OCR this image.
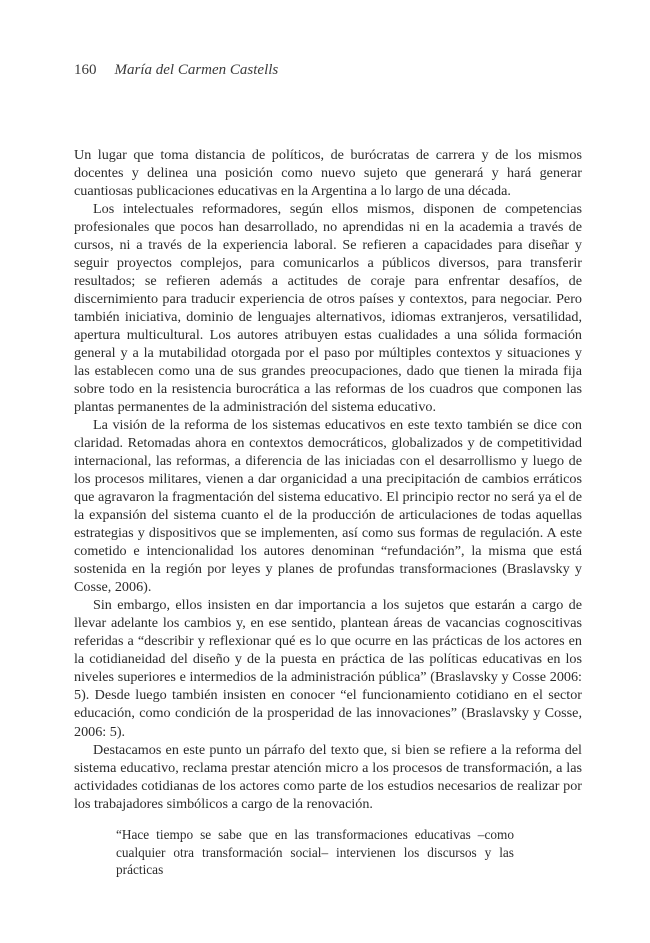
160 María del Carmen Castells

Un lugar que toma distancia de políticos, de burócratas de carrera y de los mismos docentes y delinea una posición como nuevo sujeto que generará y hará generar cuantiosas publicaciones educativas en la Argentina a lo largo de una década.

Los intelectuales reformadores, según ellos mismos, disponen de competencias profesionales que pocos han desarrollado, no aprendidas ni en la academia a través de cursos, ni a través de la experiencia laboral. Se refieren a capacidades para diseñar y seguir proyectos complejos, para comunicarlos a públicos diversos, para transferir resultados; se refieren además a actitudes de coraje para enfrentar desafíos, de discernimiento para traducir experiencia de otros países y contextos, para negociar. Pero también iniciativa, dominio de lenguajes alternativos, idiomas extranjeros, versatilidad, apertura multicultural. Los autores atribuyen estas cualidades a una sólida formación general y a la mutabilidad otorgada por el paso por múltiples contextos y situaciones y las establecen como una de sus grandes preocupaciones, dado que tienen la mirada fija sobre todo en la resistencia burocrática a las reformas de los cuadros que componen las plantas permanentes de la administración del sistema educativo.

La visión de la reforma de los sistemas educativos en este texto también se dice con claridad. Retomadas ahora en contextos democráticos, globalizados y de competitividad internacional, las reformas, a diferencia de las iniciadas con el desarrollismo y luego de los procesos militares, vienen a dar organicidad a una precipitación de cambios erráticos que agravaron la fragmentación del sistema educativo. El principio rector no será ya el de la expansión del sistema cuanto el de la producción de articulaciones de todas aquellas estrategias y dispositivos que se implementen, así como sus formas de regulación. A este cometido e intencionalidad los autores denominan “refundación”, la misma que está sostenida en la región por leyes y planes de profundas transformaciones (Braslavsky y Cosse, 2006).

Sin embargo, ellos insisten en dar importancia a los sujetos que estarán a cargo de llevar adelante los cambios y, en ese sentido, plantean áreas de vacancias cognoscitivas referidas a “describir y reflexionar qué es lo que ocurre en las prácticas de los actores en la cotidianeidad del diseño y de la puesta en práctica de las políticas educativas en los niveles superiores e intermedios de la administración pública” (Braslavsky y Cosse 2006: 5). Desde luego también insisten en conocer “el funcionamiento cotidiano en el sector educación, como condición de la prosperidad de las innovaciones” (Braslavsky y Cosse, 2006: 5).

Destacamos en este punto un párrafo del texto que, si bien se refiere a la reforma del sistema educativo, reclama prestar atención micro a los procesos de transformación, a las actividades cotidianas de los actores como parte de los estudios necesarios de realizar por los trabajadores simbólicos a cargo de la renovación.

“Hace tiempo se sabe que en las transformaciones educativas –como cualquier otra transformación social– intervienen los discursos y las prácticas
